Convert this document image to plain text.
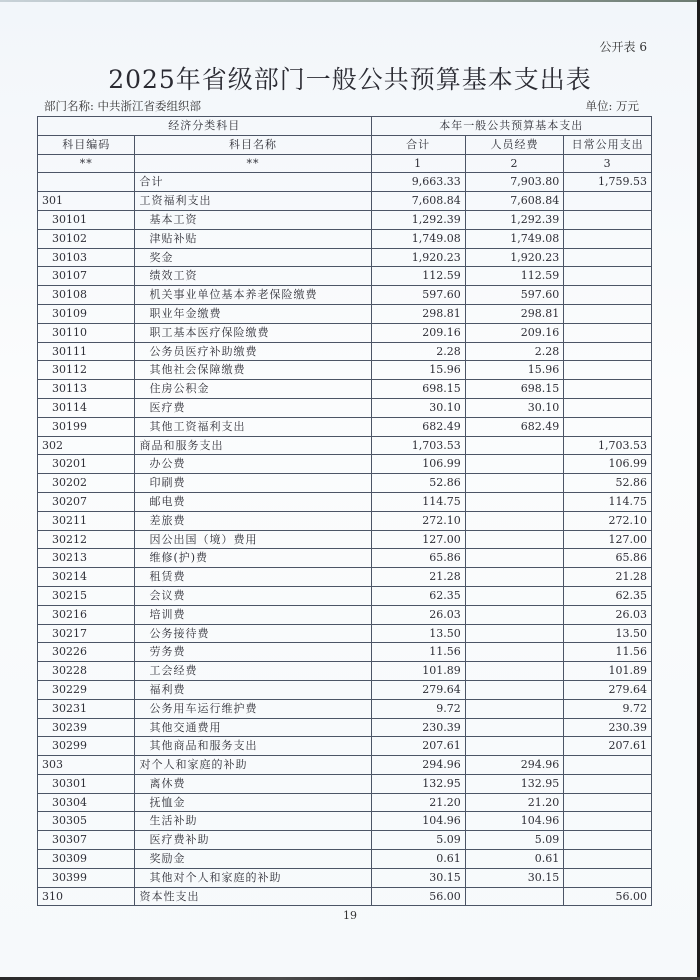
公开表 6
2025年省级部门一般公共预算基本支出表
部门名称: 中共浙江省委组织部	单位: 万元
经济分类科目		本年一般公共预算基本支出		
科目编码	科目名称	合计	人员经费	日常公用支出
**	**	1	2	3
	合计	9,663.33	7,903.80	1,759.53
301	工资福利支出	7,608.84	7,608.84	
30101	基本工资	1,292.39	1,292.39	
30102	津贴补贴	1,749.08	1,749.08	
30103	奖金	1,920.23	1,920.23	
30107	绩效工资	112.59	112.59	
30108	机关事业单位基本养老保险缴费	597.60	597.60	
30109	职业年金缴费	298.81	298.81	
30110	职工基本医疗保险缴费	209.16	209.16	
30111	公务员医疗补助缴费	2.28	2.28	
30112	其他社会保障缴费	15.96	15.96	
30113	住房公积金	698.15	698.15	
30114	医疗费	30.10	30.10	
30199	其他工资福利支出	682.49	682.49	
302	商品和服务支出	1,703.53		1,703.53
30201	办公费	106.99		106.99
30202	印刷费	52.86		52.86
30207	邮电费	114.75		114.75
30211	差旅费	272.10		272.10
30212	因公出国（境）费用	127.00		127.00
30213	维修(护)费	65.86		65.86
30214	租赁费	21.28		21.28
30215	会议费	62.35		62.35
30216	培训费	26.03		26.03
30217	公务接待费	13.50		13.50
30226	劳务费	11.56		11.56
30228	工会经费	101.89		101.89
30229	福利费	279.64		279.64
30231	公务用车运行维护费	9.72		9.72
30239	其他交通费用	230.39		230.39
30299	其他商品和服务支出	207.61		207.61
303	对个人和家庭的补助	294.96	294.96	
30301	离休费	132.95	132.95	
30304	抚恤金	21.20	21.20	
30305	生活补助	104.96	104.96	
30307	医疗费补助	5.09	5.09	
30309	奖励金	0.61	0.61	
30399	其他对个人和家庭的补助	30.15	30.15	
310	资本性支出	56.00		56.00
19
